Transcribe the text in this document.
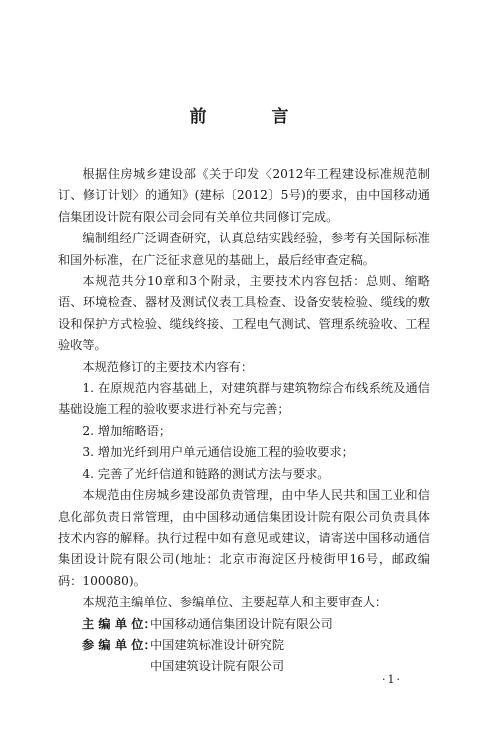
前　言

根据住房城乡建设部《关于印发〈2012年工程建设标准规范制订、修订计划〉的通知》(建标〔2012〕5号)的要求，由中国移动通信集团设计院有限公司会同有关单位共同修订完成。

编制组经广泛调查研究，认真总结实践经验，参考有关国际标准和国外标准，在广泛征求意见的基础上，最后经审查定稿。

本规范共分10章和3个附录，主要技术内容包括：总则、缩略语、环境检查、器材及测试仪表工具检查、设备安装检验、缆线的敷设和保护方式检验、缆线终接、工程电气测试、管理系统验收、工程验收等。

本规范修订的主要技术内容有：

1. 在原规范内容基础上，对建筑群与建筑物综合布线系统及通信基础设施工程的验收要求进行补充与完善；

2. 增加缩略语；

3. 增加光纤到用户单元通信设施工程的验收要求；

4. 完善了光纤信道和链路的测试方法与要求。

本规范由住房城乡建设部负责管理，由中华人民共和国工业和信息化部负责日常管理，由中国移动通信集团设计院有限公司负责具体技术内容的解释。执行过程中如有意见或建议，请寄送中国移动通信集团设计院有限公司(地址：北京市海淀区丹棱街甲16号，邮政编码：100080)。

本规范主编单位、参编单位、主要起草人和主要审查人：

主 编 单 位：
中国移动通信集团设计院有限公司
参 编 单 位：
中国建筑标准设计研究院

中国建筑设计院有限公司

·1·
